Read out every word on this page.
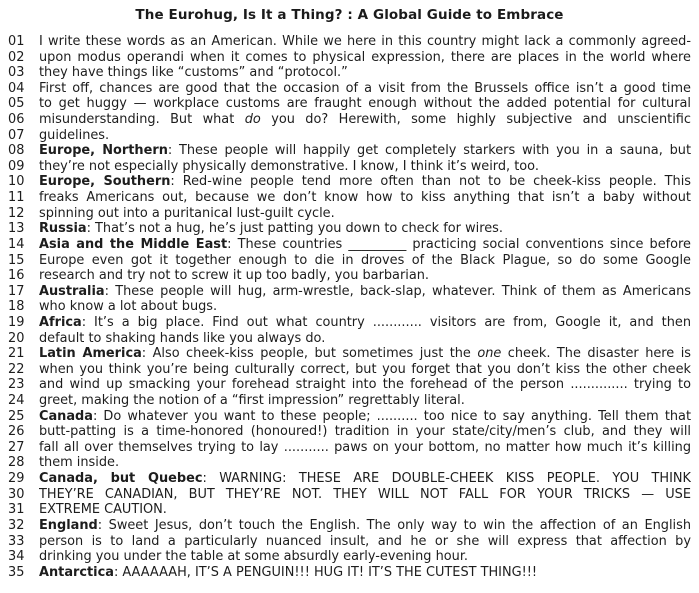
The Eurohug, Is It a Thing? : A Global Guide to Embrace
01 I write these words as an American. While we here in this country might lack a commonly agreed-
02 upon modus operandi when it comes to physical expression, there are places in the world where
03 they have things like “customs” and “protocol.”
04 First off, chances are good that the occasion of a visit from the Brussels office isn’t a good time
05 to get huggy — workplace customs are fraught enough without the added potential for cultural
06 misunderstanding. But what do you do? Herewith, some highly subjective and unscientific
07 guidelines.
08 Europe, Northern: These people will happily get completely starkers with you in a sauna, but
09 they’re not especially physically demonstrative. I know, I think it’s weird, too.
10 Europe, Southern: Red-wine people tend more often than not to be cheek-kiss people. This
11 freaks Americans out, because we don’t know how to kiss anything that isn’t a baby without
12 spinning out into a puritanical lust-guilt cycle.
13 Russia: That’s not a hug, he’s just patting you down to check for wires.
14 Asia and the Middle East: These countries _________ practicing social conventions since before
15 Europe even got it together enough to die in droves of the Black Plague, so do some Google
16 research and try not to screw it up too badly, you barbarian.
17 Australia: These people will hug, arm-wrestle, back-slap, whatever. Think of them as Americans
18 who know a lot about bugs.
19 Africa: It’s a big place. Find out what country ............ visitors are from, Google it, and then
20 default to shaking hands like you always do.
21 Latin America: Also cheek-kiss people, but sometimes just the one cheek. The disaster here is
22 when you think you’re being culturally correct, but you forget that you don’t kiss the other cheek
23 and wind up smacking your forehead straight into the forehead of the person .............. trying to
24 greet, making the notion of a “first impression” regrettably literal.
25 Canada: Do whatever you want to these people; .......... too nice to say anything. Tell them that
26 butt-patting is a time-honored (honoured!) tradition in your state/city/men’s club, and they will
27 fall all over themselves trying to lay ........... paws on your bottom, no matter how much it’s killing
28 them inside.
29 Canada, but Quebec: WARNING: THESE ARE DOUBLE-CHEEK KISS PEOPLE. YOU THINK
30 THEY’RE CANADIAN, BUT THEY’RE NOT. THEY WILL NOT FALL FOR YOUR TRICKS — USE
31 EXTREME CAUTION.
32 England: Sweet Jesus, don’t touch the English. The only way to win the affection of an English
33 person is to land a particularly nuanced insult, and he or she will express that affection by
34 drinking you under the table at some absurdly early-evening hour.
35 Antarctica: AAAAAAH, IT’S A PENGUIN!!! HUG IT! IT’S THE CUTEST THING!!!
